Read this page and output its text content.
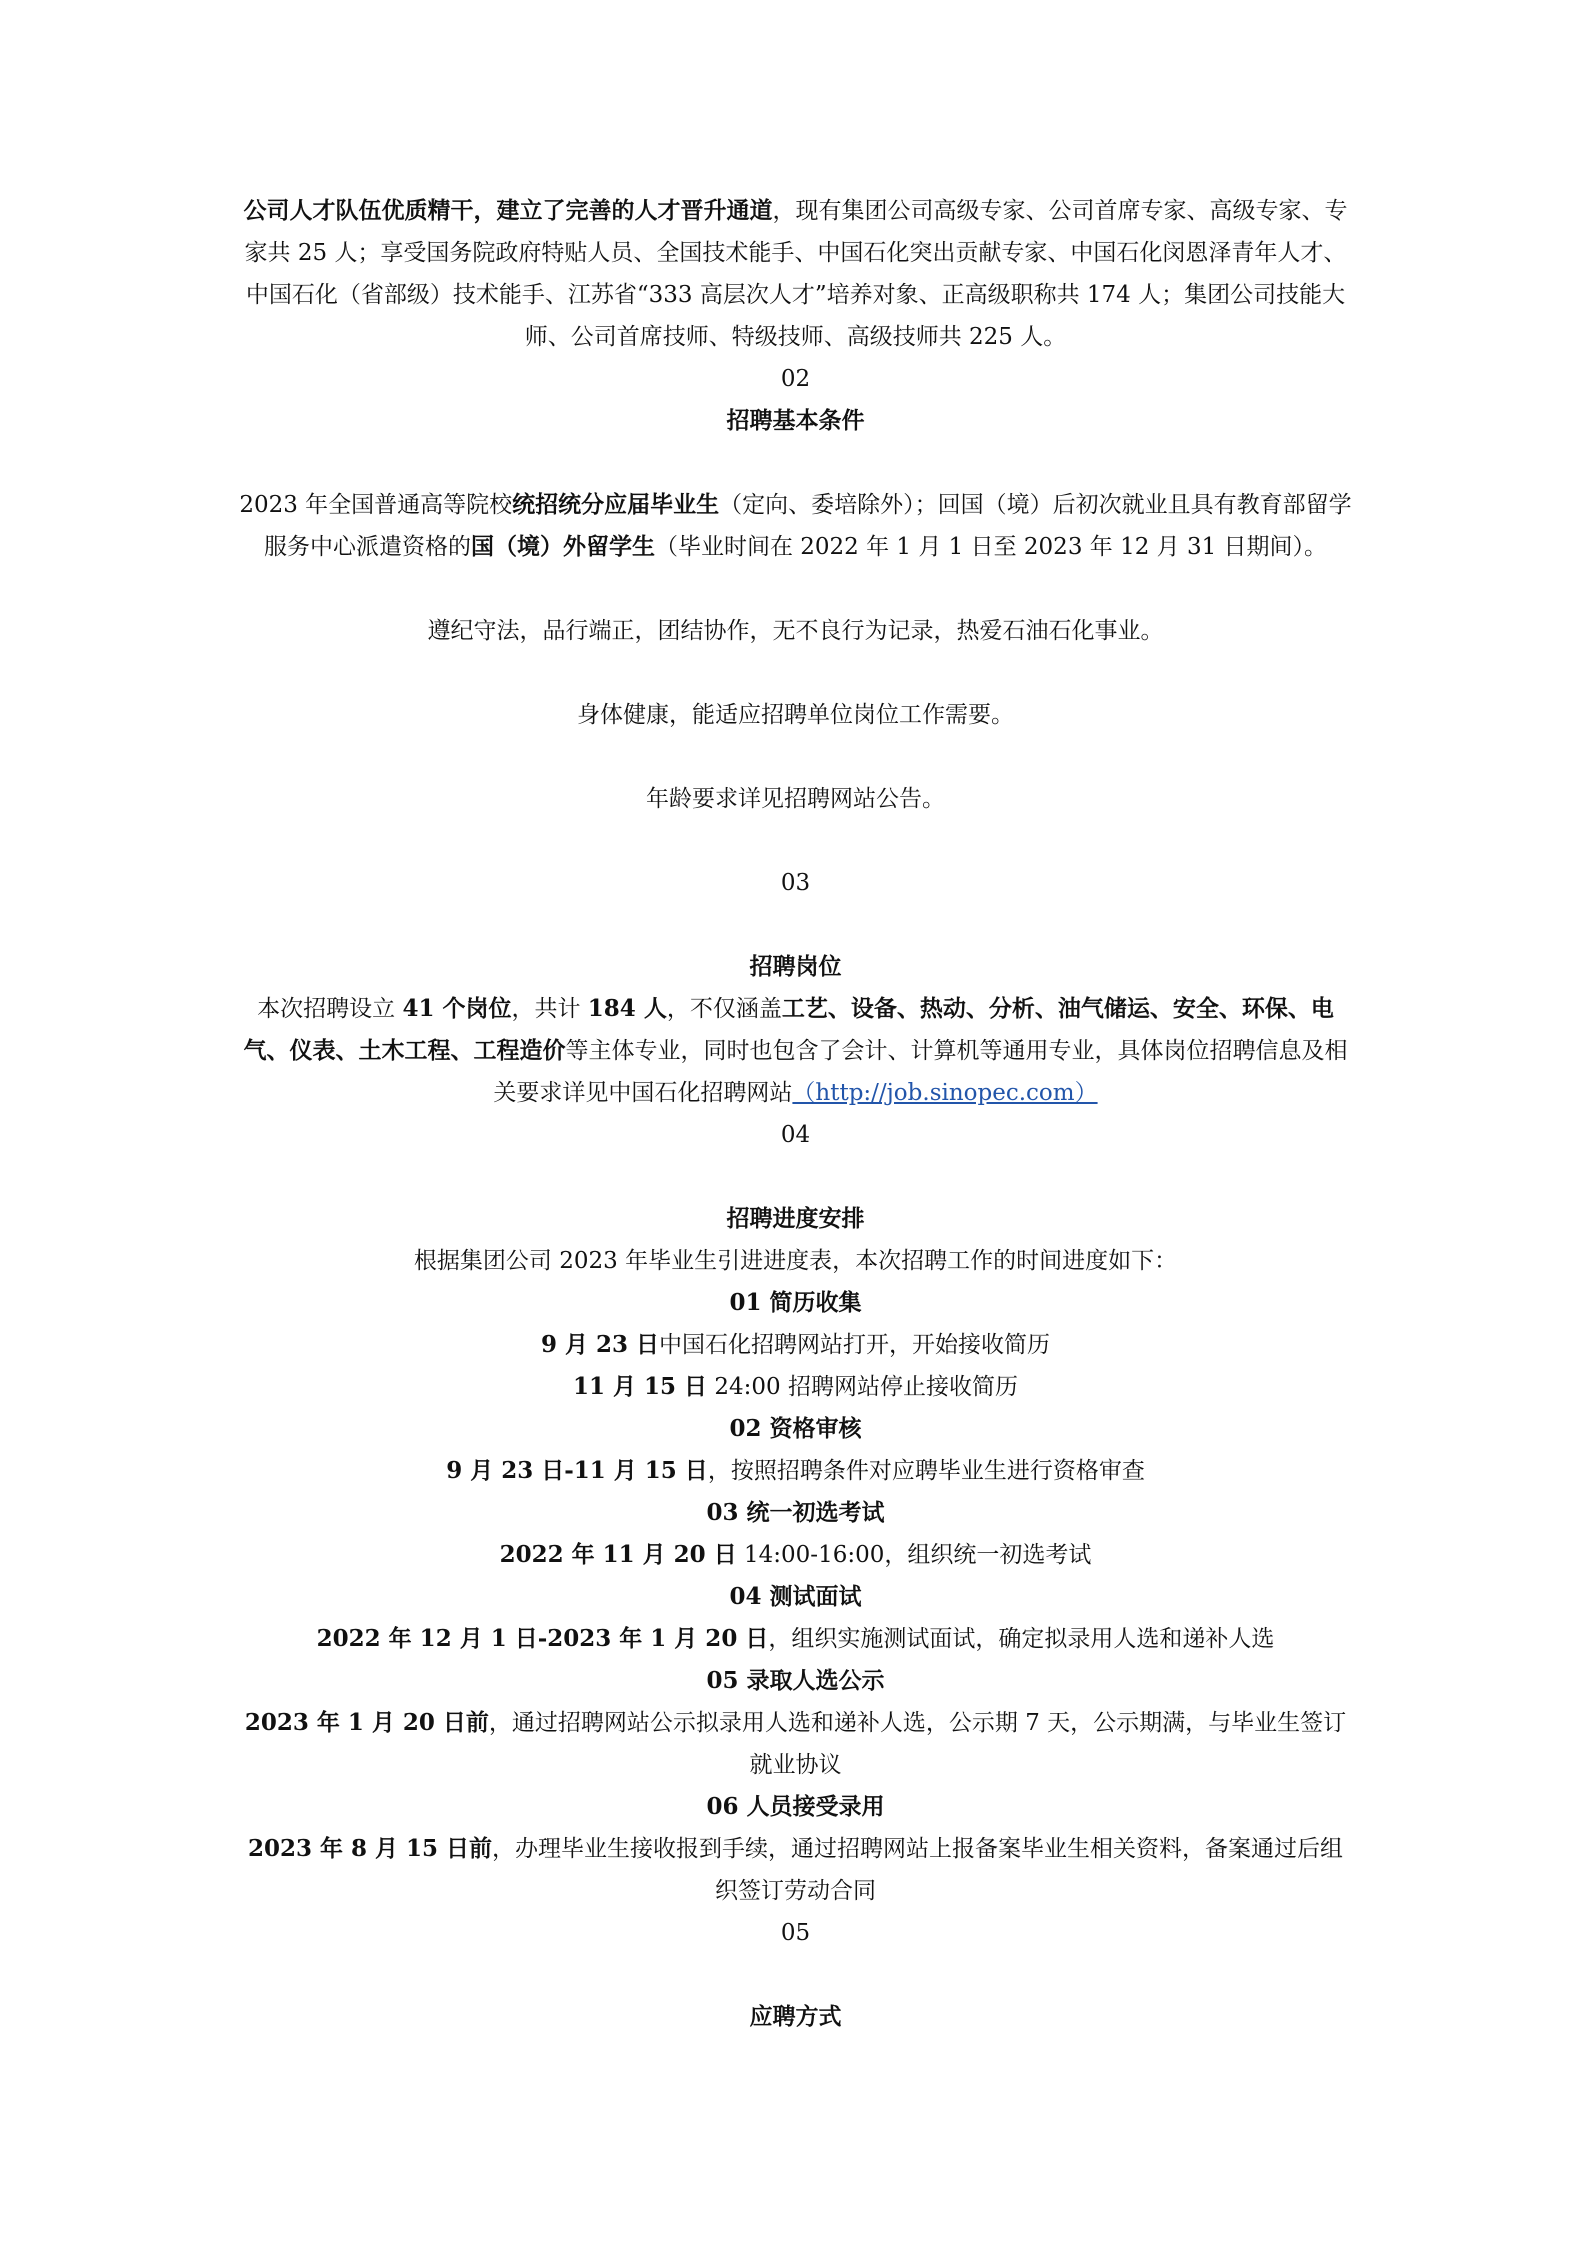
公司人才队伍优质精干，建立了完善的人才晋升通道，现有集团公司高级专家、公司首席专家、高级专家、专家共 25 人；享受国务院政府特贴人员、全国技术能手、中国石化突出贡献专家、中国石化闵恩泽青年人才、中国石化（省部级）技术能手、江苏省“333 高层次人才”培养对象、正高级职称共 174 人；集团公司技能大师、公司首席技师、特级技师、高级技师共 225 人。

02

招聘基本条件

2023 年全国普通高等院校统招统分应届毕业生（定向、委培除外）；回国（境）后初次就业且具有教育部留学服务中心派遣资格的国（境）外留学生（毕业时间在 2022 年 1 月 1 日至 2023 年 12 月 31 日期间）。

遵纪守法，品行端正，团结协作，无不良行为记录，热爱石油石化事业。

身体健康，能适应招聘单位岗位工作需要。

年龄要求详见招聘网站公告。

03

招聘岗位

本次招聘设立 41 个岗位，共计 184 人，不仅涵盖工艺、设备、热动、分析、油气储运、安全、环保、电气、仪表、土木工程、工程造价等主体专业，同时也包含了会计、计算机等通用专业，具体岗位招聘信息及相关要求详见中国石化招聘网站（http://job.sinopec.com）

04

招聘进度安排

根据集团公司 2023 年毕业生引进进度表，本次招聘工作的时间进度如下：

01 简历收集

9 月 23 日中国石化招聘网站打开，开始接收简历

11 月 15 日 24:00 招聘网站停止接收简历

02 资格审核

9 月 23 日-11 月 15 日，按照招聘条件对应聘毕业生进行资格审查

03 统一初选考试

2022 年 11 月 20 日 14:00-16:00，组织统一初选考试

04 测试面试

2022 年 12 月 1 日-2023 年 1 月 20 日，组织实施测试面试，确定拟录用人选和递补人选

05 录取人选公示

2023 年 1 月 20 日前，通过招聘网站公示拟录用人选和递补人选，公示期 7 天，公示期满，与毕业生签订就业协议

06 人员接受录用

2023 年 8 月 15 日前，办理毕业生接收报到手续，通过招聘网站上报备案毕业生相关资料，备案通过后组织签订劳动合同

05

应聘方式
